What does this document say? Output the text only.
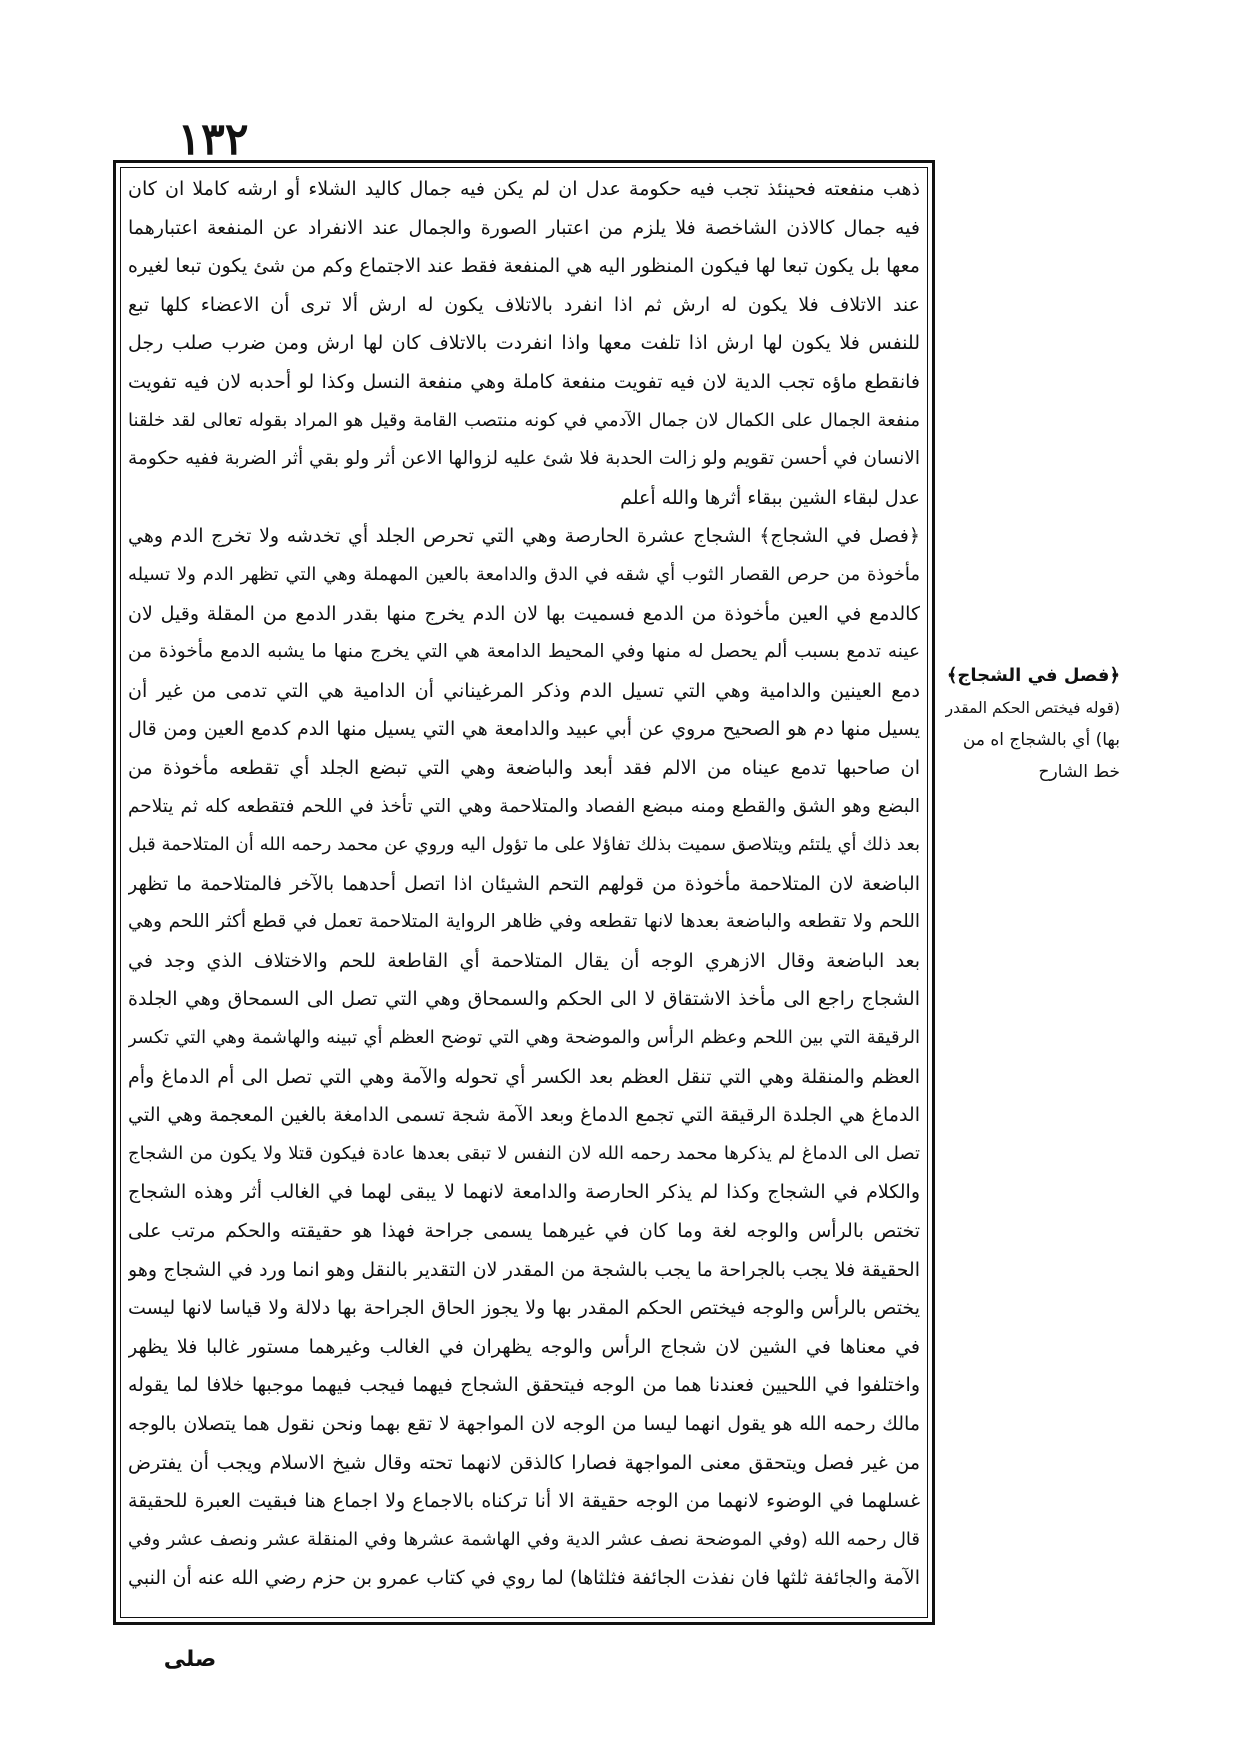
١٣٢
ذهب منفعته فحينئذ تجب فيه حكومة عدل ان لم يكن فيه جمال كاليد الشلاء أو ارشه كاملا ان كان
فيه جمال كالاذن الشاخصة فلا يلزم من اعتبار الصورة والجمال عند الانفراد عن المنفعة اعتبارهما
معها بل يكون تبعا لها فيكون المنظور اليه هي المنفعة فقط عند الاجتماع وكم من شئ يكون تبعا لغيره
عند الاتلاف فلا يكون له ارش ثم اذا انفرد بالاتلاف يكون له ارش ألا ترى أن الاعضاء كلها تبع
للنفس فلا يكون لها ارش اذا تلفت معها واذا انفردت بالاتلاف كان لها ارش ومن ضرب صلب رجل
فانقطع ماؤه تجب الدية لان فيه تفويت منفعة كاملة وهي منفعة النسل وكذا لو أحدبه لان فيه تفويت
منفعة الجمال على الكمال لان جمال الآدمي في كونه منتصب القامة وقيل هو المراد بقوله تعالى لقد خلقنا
الانسان في أحسن تقويم ولو زالت الحدبة فلا شئ عليه لزوالها الاعن أثر ولو بقي أثر الضربة ففيه حكومة
عدل لبقاء الشين ببقاء أثرها والله أعلم
﴿فصل في الشجاج﴾ الشجاج عشرة الحارصة وهي التي تحرص الجلد أي تخدشه ولا تخرج الدم وهي
مأخوذة من حرص القصار الثوب أي شقه في الدق والدامعة بالعين المهملة وهي التي تظهر الدم ولا تسيله
كالدمع في العين مأخوذة من الدمع فسميت بها لان الدم يخرج منها بقدر الدمع من المقلة وقيل لان
عينه تدمع بسبب ألم يحصل له منها وفي المحيط الدامعة هي التي يخرج منها ما يشبه الدمع مأخوذة من
دمع العينين والدامية وهي التي تسيل الدم وذكر المرغيناني أن الدامية هي التي تدمى من غير أن
يسيل منها دم هو الصحيح مروي عن أبي عبيد والدامعة هي التي يسيل منها الدم كدمع العين ومن قال
ان صاحبها تدمع عيناه من الالم فقد أبعد والباضعة وهي التي تبضع الجلد أي تقطعه مأخوذة من
البضع وهو الشق والقطع ومنه مبضع الفصاد والمتلاحمة وهي التي تأخذ في اللحم فتقطعه كله ثم يتلاحم
بعد ذلك أي يلتئم ويتلاصق سميت بذلك تفاؤلا على ما تؤول اليه وروي عن محمد رحمه الله أن المتلاحمة قبل
الباضعة لان المتلاحمة مأخوذة من قولهم التحم الشيئان اذا اتصل أحدهما بالآخر فالمتلاحمة ما تظهر
اللحم ولا تقطعه والباضعة بعدها لانها تقطعه وفي ظاهر الرواية المتلاحمة تعمل في قطع أكثر اللحم وهي
بعد الباضعة وقال الازهري الوجه أن يقال المتلاحمة أي القاطعة للحم والاختلاف الذي وجد في
الشجاج راجع الى مأخذ الاشتقاق لا الى الحكم والسمحاق وهي التي تصل الى السمحاق وهي الجلدة
الرقيقة التي بين اللحم وعظم الرأس والموضحة وهي التي توضح العظم أي تبينه والهاشمة وهي التي تكسر
العظم والمنقلة وهي التي تنقل العظم بعد الكسر أي تحوله والآمة وهي التي تصل الى أم الدماغ وأم
الدماغ هي الجلدة الرقيقة التي تجمع الدماغ وبعد الآمة شجة تسمى الدامغة بالغين المعجمة وهي التي
تصل الى الدماغ لم يذكرها محمد رحمه الله لان النفس لا تبقى بعدها عادة فيكون قتلا ولا يكون من الشجاج
والكلام في الشجاج وكذا لم يذكر الحارصة والدامعة لانهما لا يبقى لهما في الغالب أثر وهذه الشجاج
تختص بالرأس والوجه لغة وما كان في غيرهما يسمى جراحة فهذا هو حقيقته والحكم مرتب على
الحقيقة فلا يجب بالجراحة ما يجب بالشجة من المقدر لان التقدير بالنقل وهو انما ورد في الشجاج وهو
يختص بالرأس والوجه فيختص الحكم المقدر بها ولا يجوز الحاق الجراحة بها دلالة ولا قياسا لانها ليست
في معناها في الشين لان شجاج الرأس والوجه يظهران في الغالب وغيرهما مستور غالبا فلا يظهر
واختلفوا في اللحيين فعندنا هما من الوجه فيتحقق الشجاج فيهما فيجب فيهما موجبها خلافا لما يقوله
مالك رحمه الله هو يقول انهما ليسا من الوجه لان المواجهة لا تقع بهما ونحن نقول هما يتصلان بالوجه
من غير فصل ويتحقق معنى المواجهة فصارا كالذقن لانهما تحته وقال شيخ الاسلام ويجب أن يفترض
غسلهما في الوضوء لانهما من الوجه حقيقة الا أنا تركناه بالاجماع ولا اجماع هنا فبقيت العبرة للحقيقة
قال رحمه الله (وفي الموضحة نصف عشر الدية وفي الهاشمة عشرها وفي المنقلة عشر ونصف عشر وفي
الآمة والجائفة ثلثها فان نفذت الجائفة فثلثاها) لما روي في كتاب عمرو بن حزم رضي الله عنه أن النبي
﴿فصل في الشجاج﴾
(قوله فيختص الحكم المقدر
بها) أي بالشجاج اه من
خط الشارح
صلى
